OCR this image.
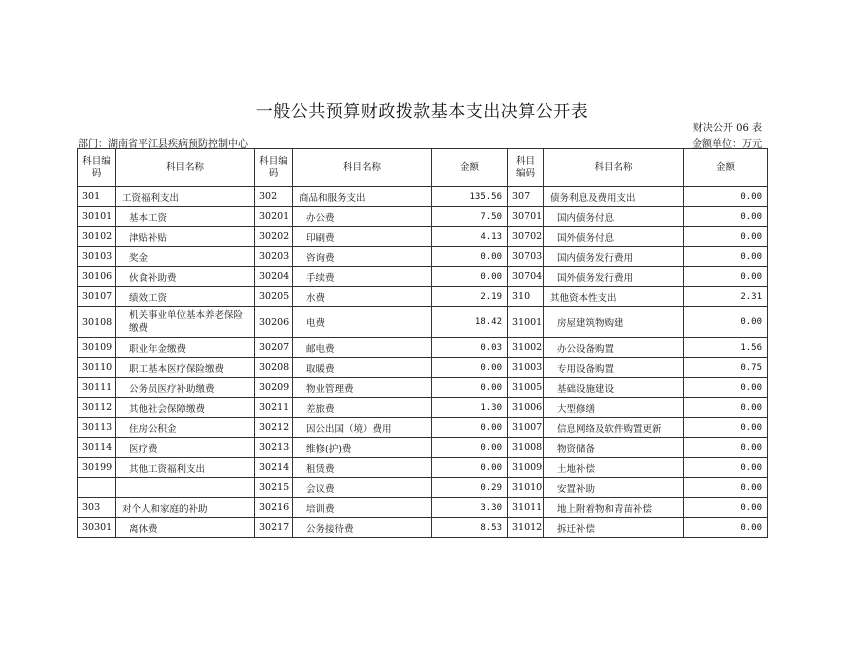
一般公共预算财政拨款基本支出决算公开表
财决公开 06 表
部门：湖南省平江县疾病预防控制中心	金额单位：万元
科目编码	科目名称	科目编码	科目名称	金额	科目编码	科目名称	金额
301	工资福利支出	302	商品和服务支出	135.56	307	债务利息及费用支出	0.00
30101	基本工资	30201	办公费	7.50	30701	国内债务付息	0.00
30102	津贴补贴	30202	印刷费	4.13	30702	国外债务付息	0.00
30103	奖金	30203	咨询费	0.00	30703	国内债务发行费用	0.00
30106	伙食补助费	30204	手续费	0.00	30704	国外债务发行费用	0.00
30107	绩效工资	30205	水费	2.19	310	其他资本性支出	2.31
30108	机关事业单位基本养老保险缴费	30206	电费	18.42	31001	房屋建筑物购建	0.00
30109	职业年金缴费	30207	邮电费	0.03	31002	办公设备购置	1.56
30110	职工基本医疗保险缴费	30208	取暖费	0.00	31003	专用设备购置	0.75
30111	公务员医疗补助缴费	30209	物业管理费	0.00	31005	基础设施建设	0.00
30112	其他社会保障缴费	30211	差旅费	1.30	31006	大型修缮	0.00
30113	住房公积金	30212	因公出国（境）费用	0.00	31007	信息网络及软件购置更新	0.00
30114	医疗费	30213	维修(护)费	0.00	31008	物资储备	0.00
30199	其他工资福利支出	30214	租赁费	0.00	31009	土地补偿	0.00
		30215	会议费	0.29	31010	安置补助	0.00
303	对个人和家庭的补助	30216	培训费	3.30	31011	地上附着物和青苗补偿	0.00
30301	离休费	30217	公务接待费	8.53	31012	拆迁补偿	0.00
